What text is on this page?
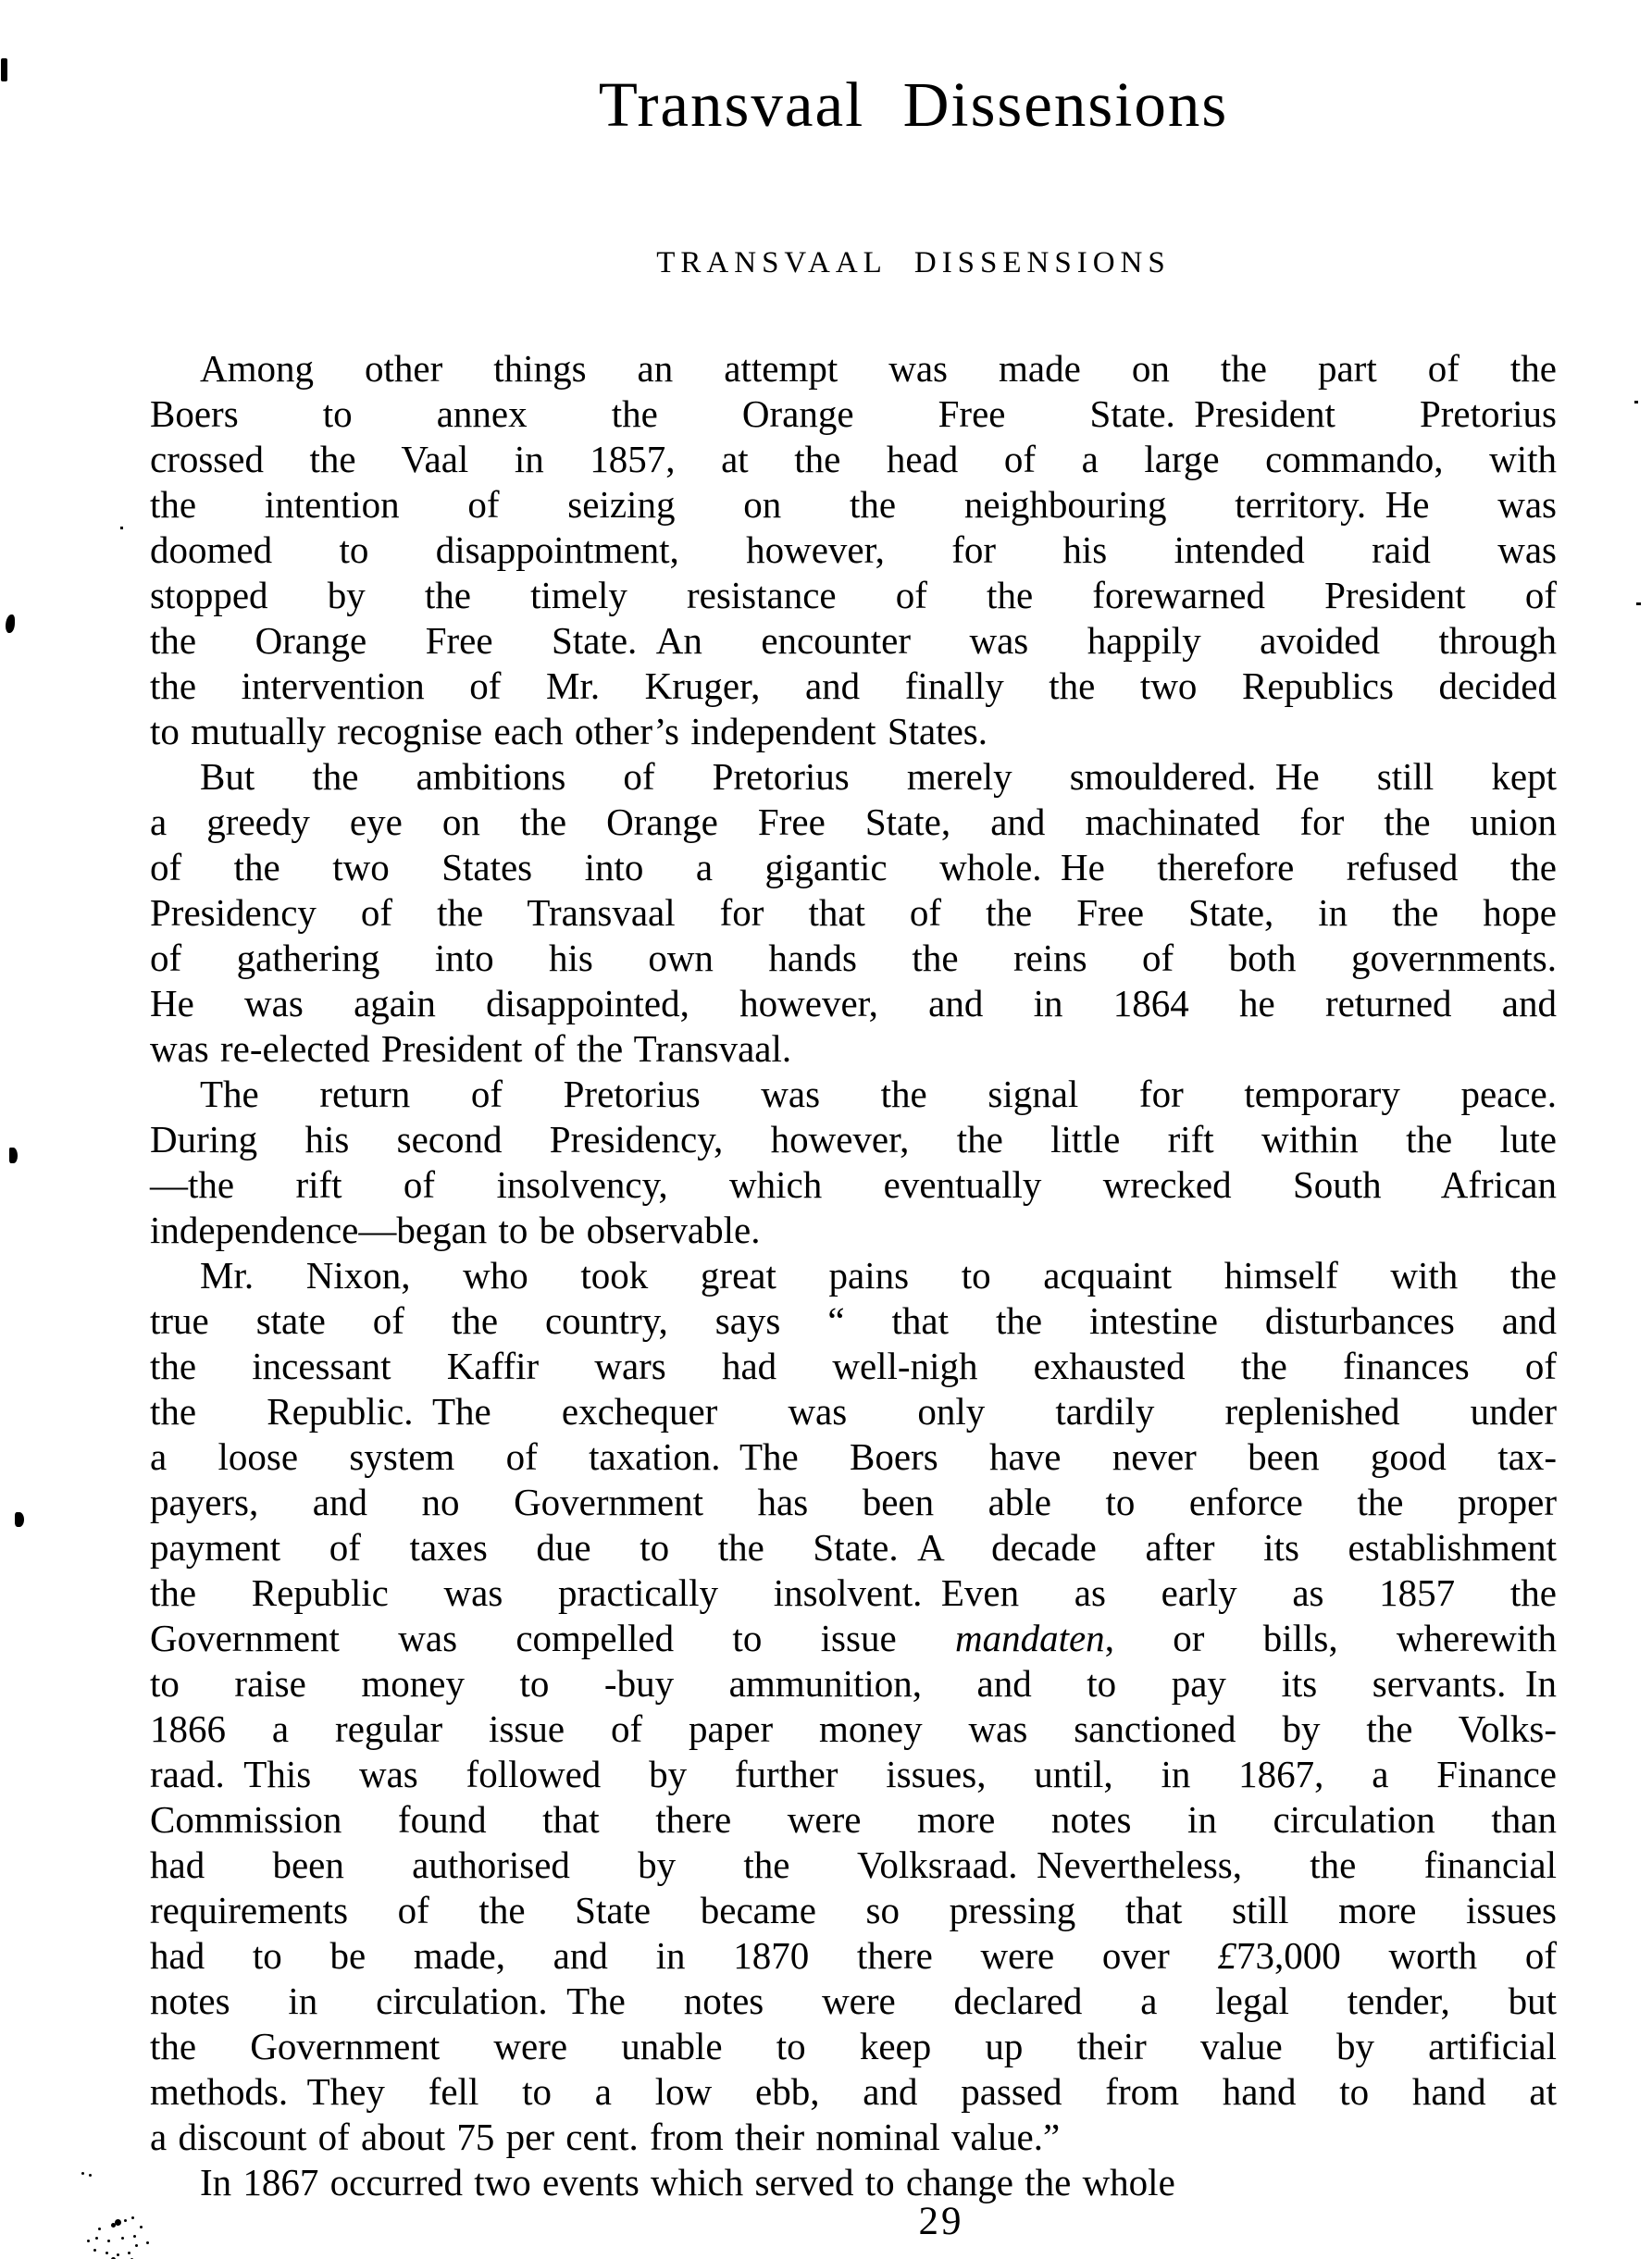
Transvaal Dissensions
TRANSVAAL DISSENSIONS
Among other things an attempt was made on the part of the
Boers to annex the Orange Free State. President Pretorius
crossed the Vaal in 1857, at the head of a large commando, with
the intention of seizing on the neighbouring territory. He was
doomed to disappointment, however, for his intended raid was
stopped by the timely resistance of the forewarned President of
the Orange Free State. An encounter was happily avoided through
the intervention of Mr. Kruger, and finally the two Republics decided
to mutually recognise each other’s independent States.
But the ambitions of Pretorius merely smouldered. He still kept
a greedy eye on the Orange Free State, and machinated for the union
of the two States into a gigantic whole. He therefore refused the
Presidency of the Transvaal for that of the Free State, in the hope
of gathering into his own hands the reins of both governments.
He was again disappointed, however, and in 1864 he returned and
was re-elected President of the Transvaal.
The return of Pretorius was the signal for temporary peace.
During his second Presidency, however, the little rift within the lute
—the rift of insolvency, which eventually wrecked South African
independence—began to be observable.
Mr. Nixon, who took great pains to acquaint himself with the
true state of the country, says “ that the intestine disturbances and
the incessant Kaffir wars had well-nigh exhausted the finances of
the Republic. The exchequer was only tardily replenished under
a loose system of taxation. The Boers have never been good tax-
payers, and no Government has been able to enforce the proper
payment of taxes due to the State. A decade after its establishment
the Republic was practically insolvent. Even as early as 1857 the
Government was compelled to issue mandaten, or bills, wherewith
to raise money to -buy ammunition, and to pay its servants. In
1866 a regular issue of paper money was sanctioned by the Volks-
raad. This was followed by further issues, until, in 1867, a Finance
Commission found that there were more notes in circulation than
had been authorised by the Volksraad. Nevertheless, the financial
requirements of the State became so pressing that still more issues
had to be made, and in 1870 there were over £73,000 worth of
notes in circulation. The notes were declared a legal tender, but
the Government were unable to keep up their value by artificial
methods. They fell to a low ebb, and passed from hand to hand at
a discount of about 75 per cent. from their nominal value.”
In 1867 occurred two events which served to change the whole
29
